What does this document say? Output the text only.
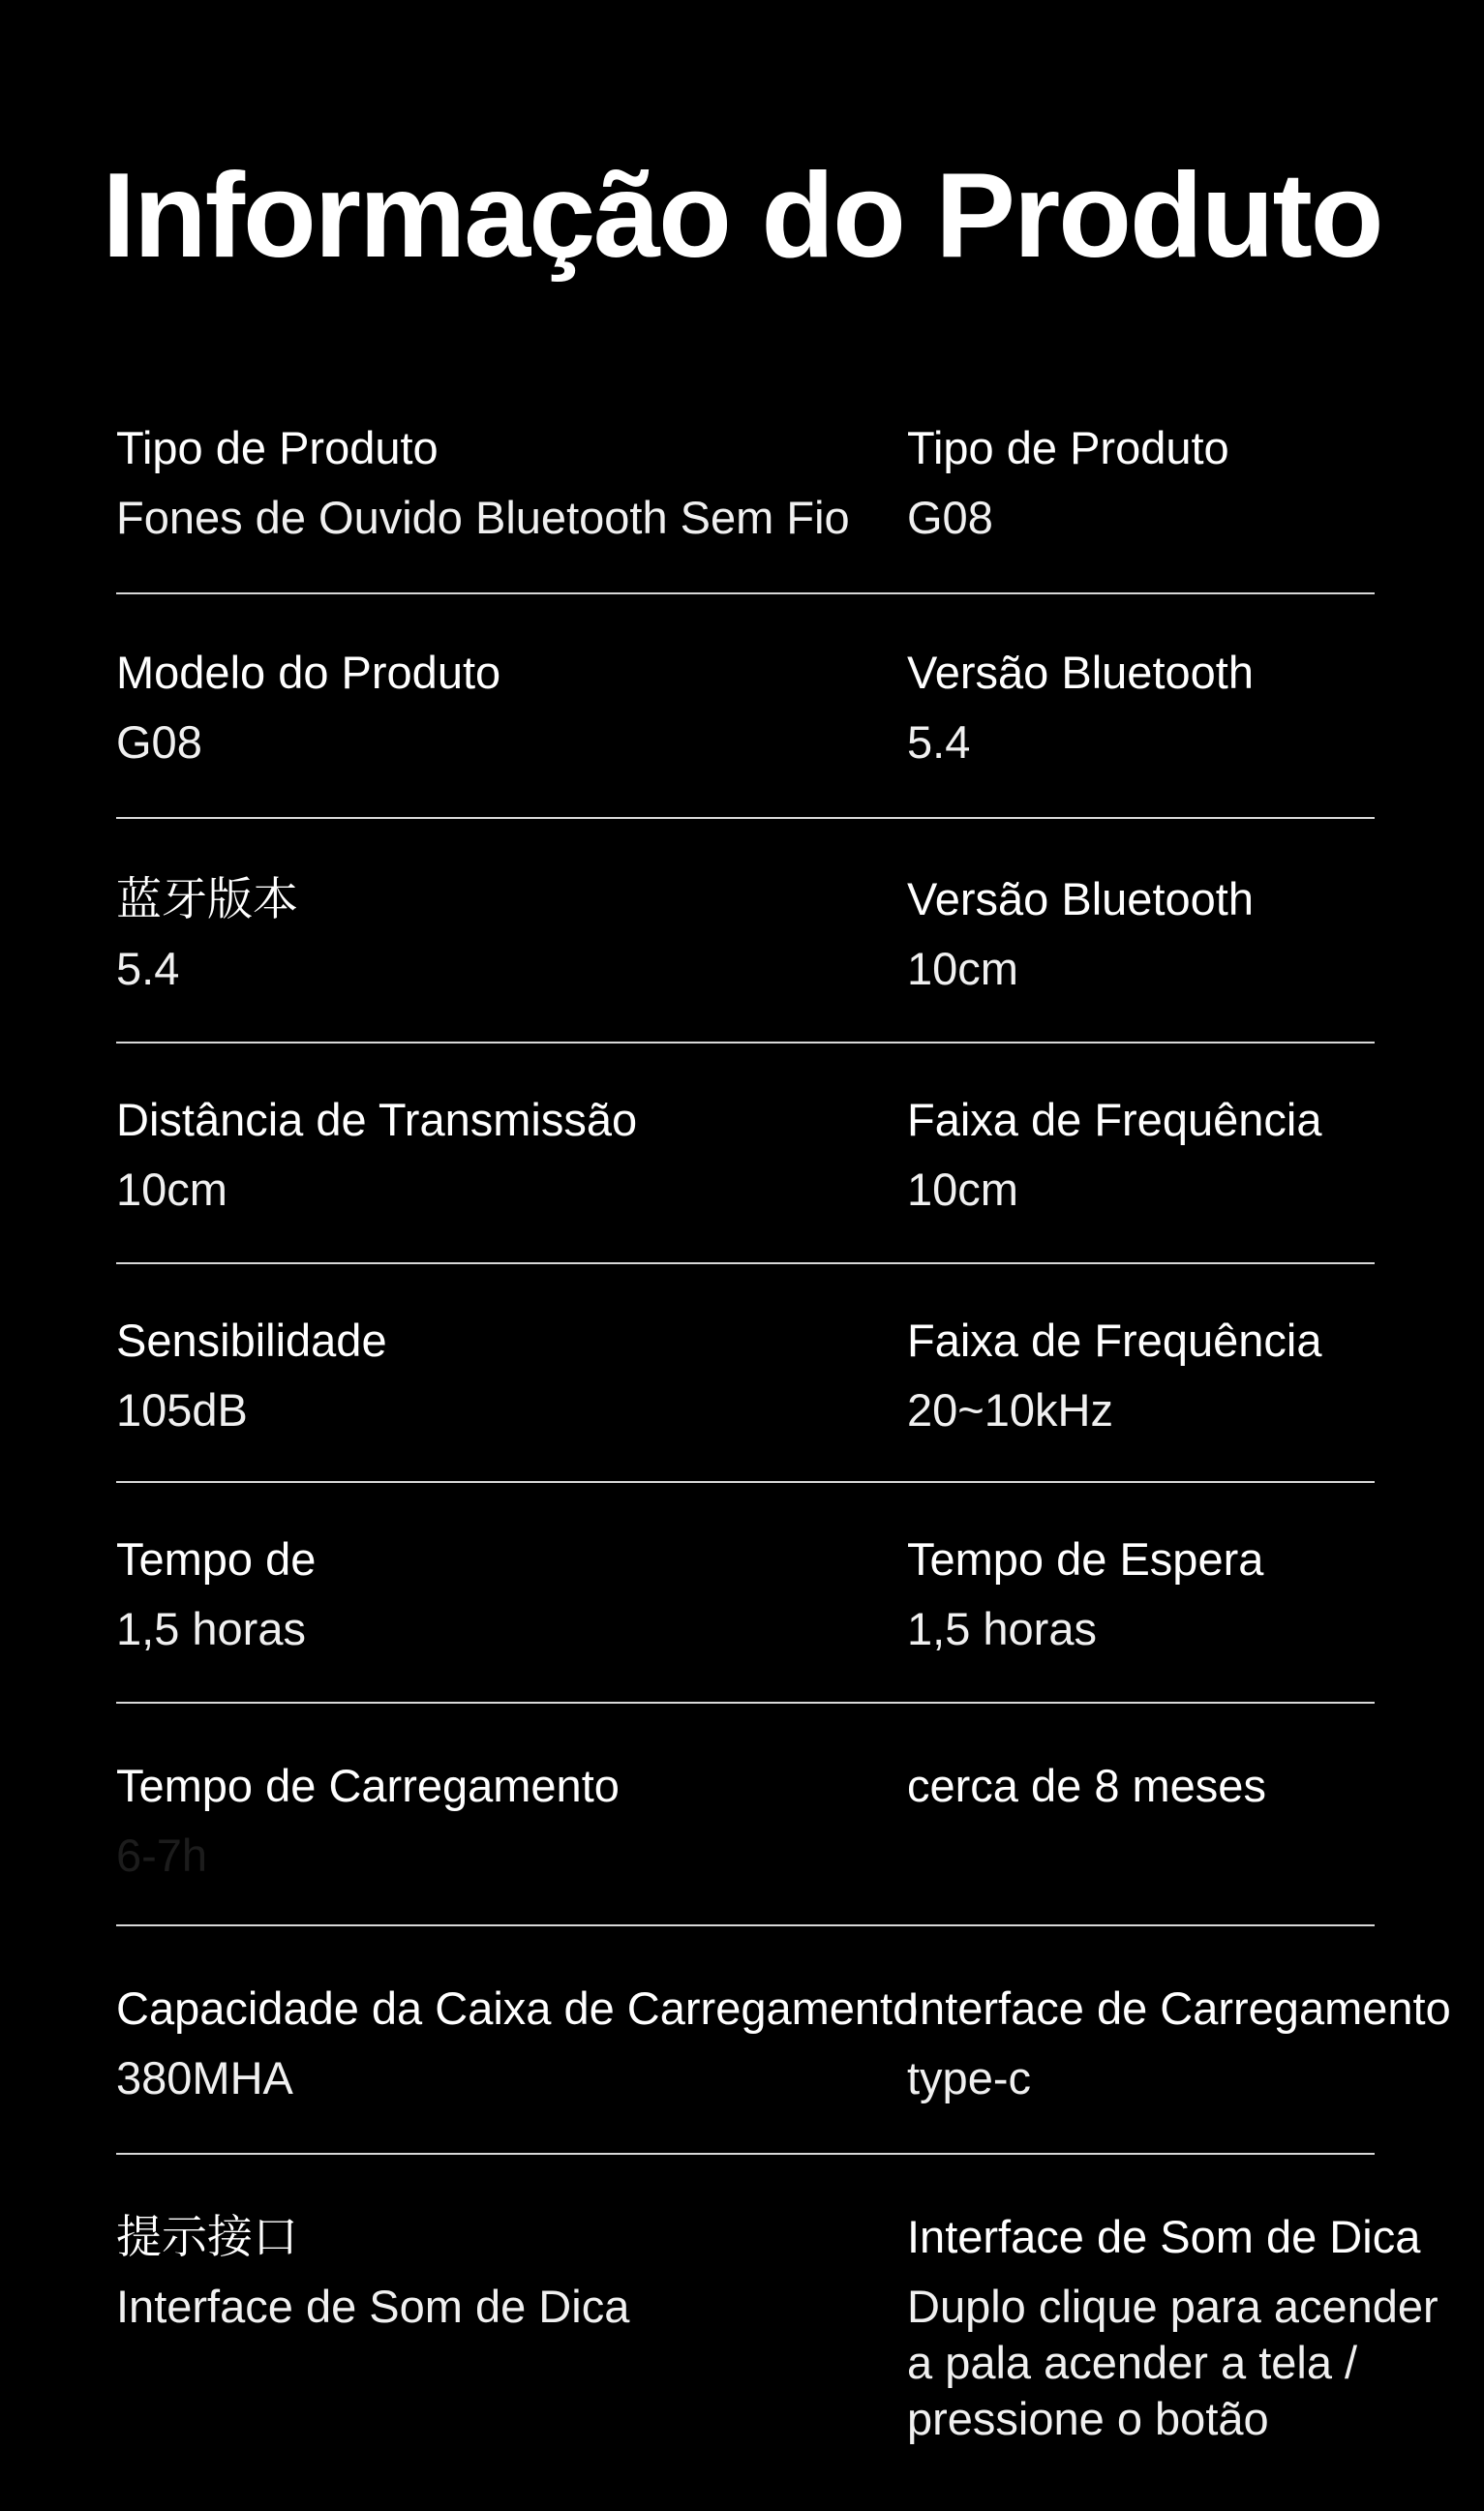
Informação do Produto
Tipo de Produto
Fones de Ouvido Bluetooth Sem Fio
Tipo de Produto
G08
Modelo do Produto
G08
Versão Bluetooth
5.4
蓝牙版本
5.4
Versão Bluetooth
10cm
Distância de Transmissão
10cm
Faixa de Frequência
10cm
Sensibilidade
105dB
Faixa de Frequência
20~10kHz
Tempo de
1,5 horas
Tempo de Espera
1,5 horas
Tempo de Carregamento
6-7h
cerca de 8 meses
Capacidade da Caixa de Carregamento
380MHA
Interface de Carregamento
type-c
提示接口
Interface de Som de Dica
Interface de Som de Dica
Duplo clique para acender a pala acender a tela / pressione o botão
